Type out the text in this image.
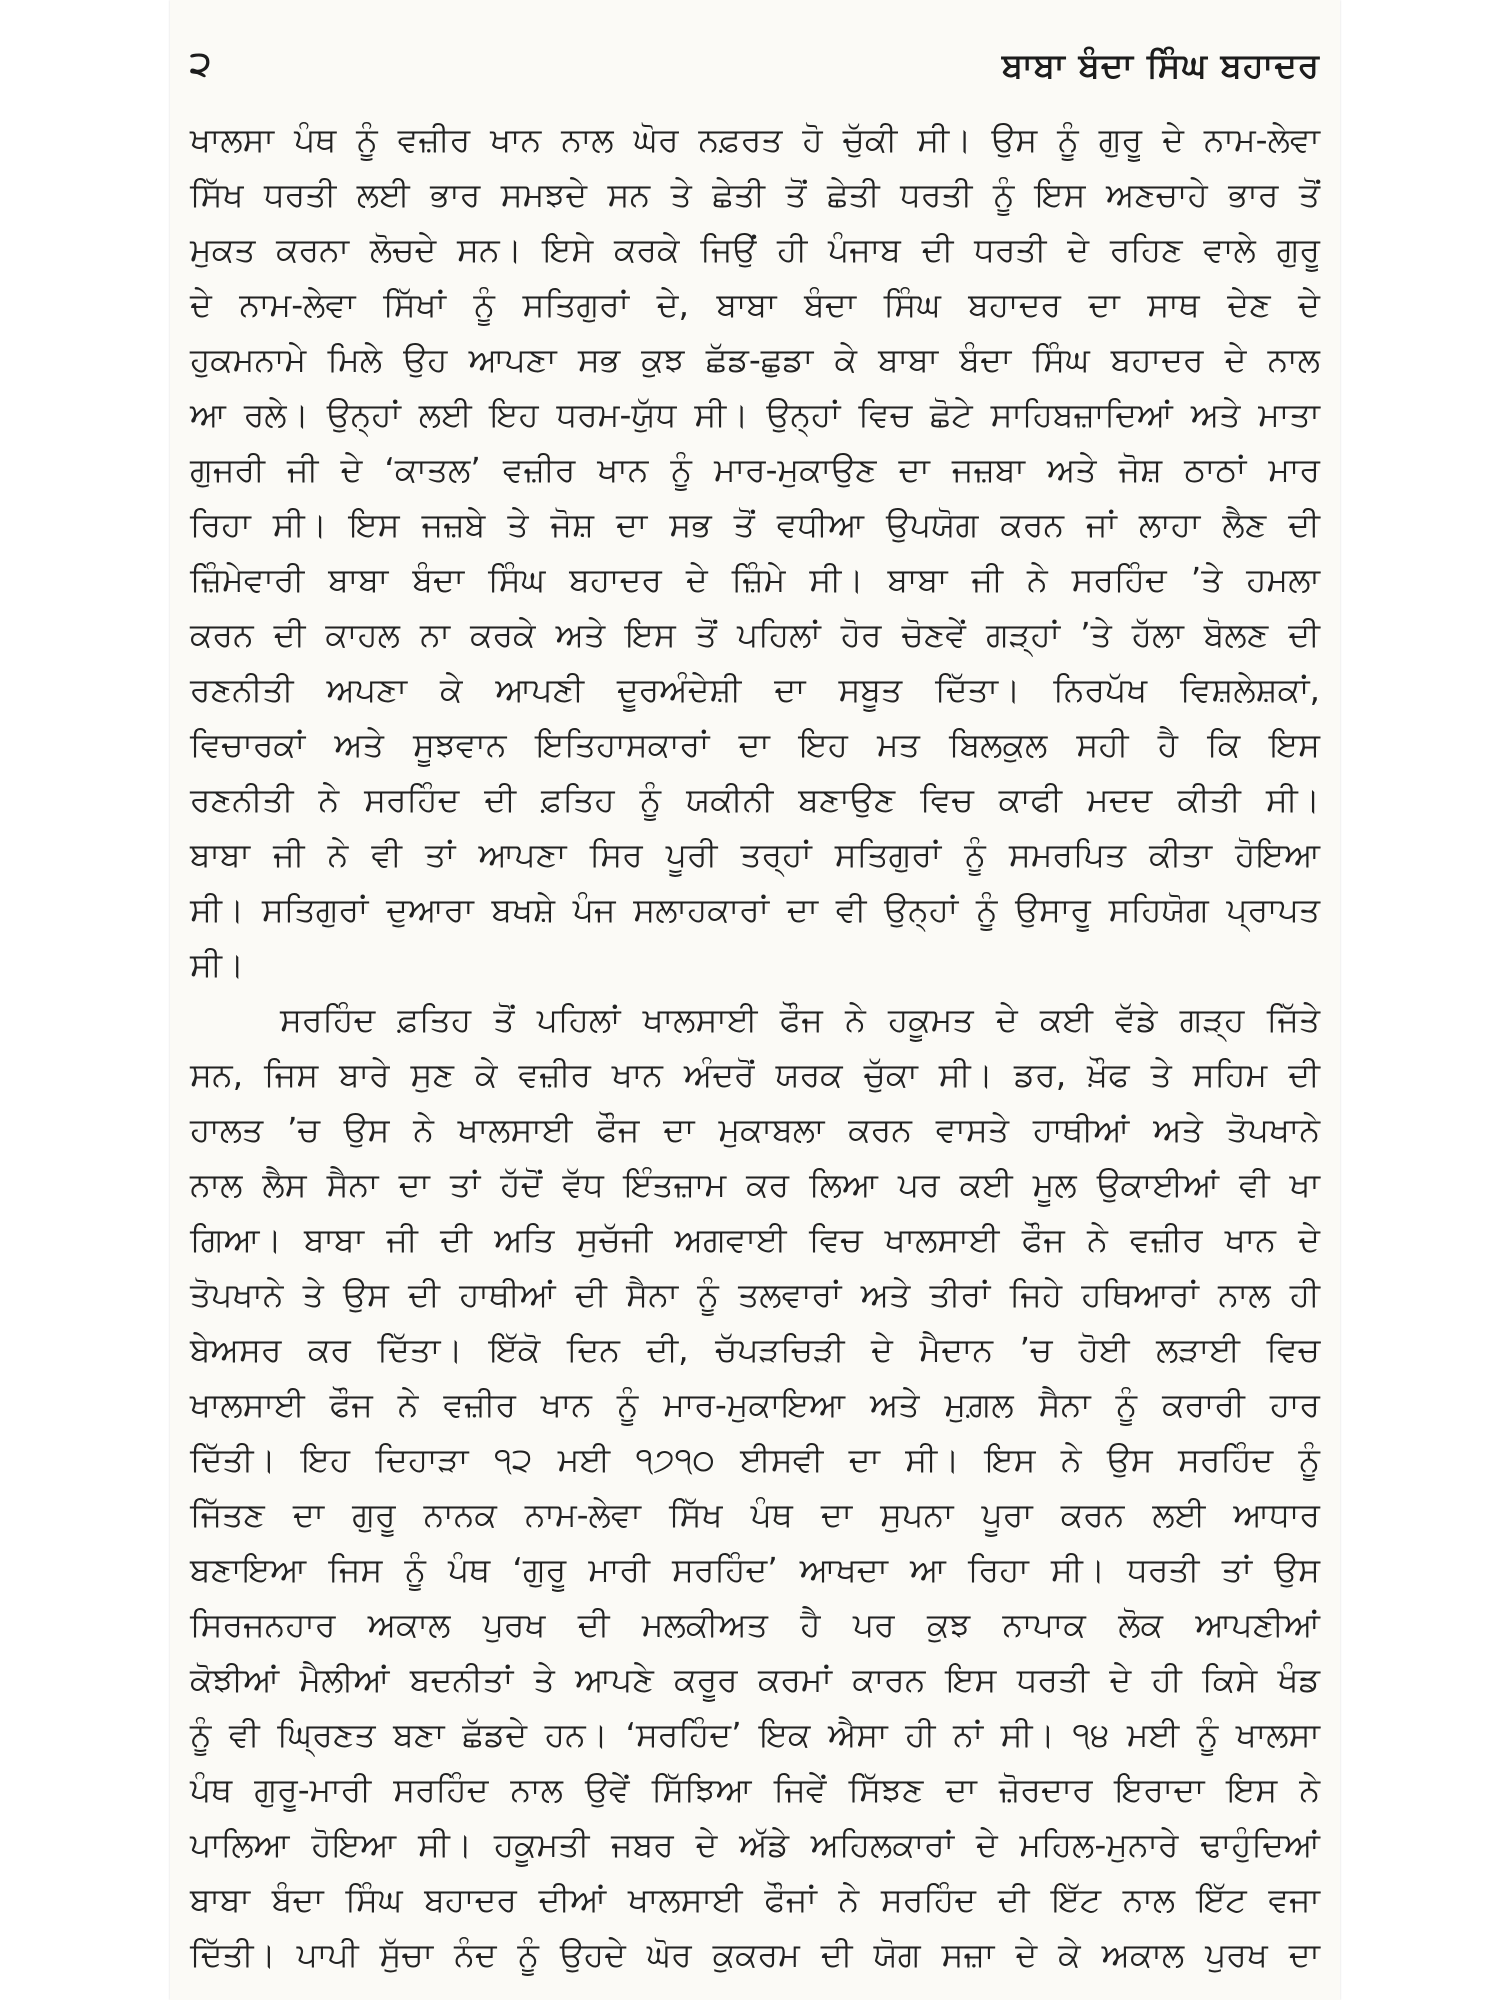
੨	ਬਾਬਾ ਬੰਦਾ ਸਿੰਘ ਬਹਾਦਰ

ਖਾਲਸਾ ਪੰਥ ਨੂੰ ਵਜ਼ੀਰ ਖਾਨ ਨਾਲ ਘੋਰ ਨਫ਼ਰਤ ਹੋ ਚੁੱਕੀ ਸੀ। ਉਸ ਨੂੰ ਗੁਰੂ ਦੇ ਨਾਮ-ਲੇਵਾ
ਸਿੱਖ ਧਰਤੀ ਲਈ ਭਾਰ ਸਮਝਦੇ ਸਨ ਤੇ ਛੇਤੀ ਤੋਂ ਛੇਤੀ ਧਰਤੀ ਨੂੰ ਇਸ ਅਣਚਾਹੇ ਭਾਰ ਤੋਂ
ਮੁਕਤ ਕਰਨਾ ਲੋਚਦੇ ਸਨ। ਇਸੇ ਕਰਕੇ ਜਿਉਂ ਹੀ ਪੰਜਾਬ ਦੀ ਧਰਤੀ ਦੇ ਰਹਿਣ ਵਾਲੇ ਗੁਰੂ
ਦੇ ਨਾਮ-ਲੇਵਾ ਸਿੱਖਾਂ ਨੂੰ ਸਤਿਗੁਰਾਂ ਦੇ, ਬਾਬਾ ਬੰਦਾ ਸਿੰਘ ਬਹਾਦਰ ਦਾ ਸਾਥ ਦੇਣ ਦੇ
ਹੁਕਮਨਾਮੇ ਮਿਲੇ ਉਹ ਆਪਣਾ ਸਭ ਕੁਝ ਛੱਡ-ਛੁਡਾ ਕੇ ਬਾਬਾ ਬੰਦਾ ਸਿੰਘ ਬਹਾਦਰ ਦੇ ਨਾਲ
ਆ ਰਲੇ। ਉਨ੍ਹਾਂ ਲਈ ਇਹ ਧਰਮ-ਯੁੱਧ ਸੀ। ਉਨ੍ਹਾਂ ਵਿਚ ਛੋਟੇ ਸਾਹਿਬਜ਼ਾਦਿਆਂ ਅਤੇ ਮਾਤਾ
ਗੁਜਰੀ ਜੀ ਦੇ ‘ਕਾਤਲ’ ਵਜ਼ੀਰ ਖਾਨ ਨੂੰ ਮਾਰ-ਮੁਕਾਉਣ ਦਾ ਜਜ਼ਬਾ ਅਤੇ ਜੋਸ਼ ਠਾਠਾਂ ਮਾਰ
ਰਿਹਾ ਸੀ। ਇਸ ਜਜ਼ਬੇ ਤੇ ਜੋਸ਼ ਦਾ ਸਭ ਤੋਂ ਵਧੀਆ ਉਪਯੋਗ ਕਰਨ ਜਾਂ ਲਾਹਾ ਲੈਣ ਦੀ
ਜ਼ਿੰਮੇਵਾਰੀ ਬਾਬਾ ਬੰਦਾ ਸਿੰਘ ਬਹਾਦਰ ਦੇ ਜ਼ਿੰਮੇ ਸੀ। ਬਾਬਾ ਜੀ ਨੇ ਸਰਹਿੰਦ ’ਤੇ ਹਮਲਾ
ਕਰਨ ਦੀ ਕਾਹਲ ਨਾ ਕਰਕੇ ਅਤੇ ਇਸ ਤੋਂ ਪਹਿਲਾਂ ਹੋਰ ਚੋਣਵੇਂ ਗੜ੍ਹਾਂ ’ਤੇ ਹੱਲਾ ਬੋਲਣ ਦੀ
ਰਣਨੀਤੀ ਅਪਣਾ ਕੇ ਆਪਣੀ ਦੂਰਅੰਦੇਸ਼ੀ ਦਾ ਸਬੂਤ ਦਿੱਤਾ। ਨਿਰਪੱਖ ਵਿਸ਼ਲੇਸ਼ਕਾਂ,
ਵਿਚਾਰਕਾਂ ਅਤੇ ਸੂਝਵਾਨ ਇਤਿਹਾਸਕਾਰਾਂ ਦਾ ਇਹ ਮਤ ਬਿਲਕੁਲ ਸਹੀ ਹੈ ਕਿ ਇਸ
ਰਣਨੀਤੀ ਨੇ ਸਰਹਿੰਦ ਦੀ ਫ਼ਤਿਹ ਨੂੰ ਯਕੀਨੀ ਬਣਾਉਣ ਵਿਚ ਕਾਫੀ ਮਦਦ ਕੀਤੀ ਸੀ।
ਬਾਬਾ ਜੀ ਨੇ ਵੀ ਤਾਂ ਆਪਣਾ ਸਿਰ ਪੂਰੀ ਤਰ੍ਹਾਂ ਸਤਿਗੁਰਾਂ ਨੂੰ ਸਮਰਪਿਤ ਕੀਤਾ ਹੋਇਆ
ਸੀ। ਸਤਿਗੁਰਾਂ ਦੁਆਰਾ ਬਖਸ਼ੇ ਪੰਜ ਸਲਾਹਕਾਰਾਂ ਦਾ ਵੀ ਉਨ੍ਹਾਂ ਨੂੰ ਉਸਾਰੂ ਸਹਿਯੋਗ ਪ੍ਰਾਪਤ
ਸੀ।

ਸਰਹਿੰਦ ਫ਼ਤਿਹ ਤੋਂ ਪਹਿਲਾਂ ਖਾਲਸਾਈ ਫੌਜ ਨੇ ਹਕੂਮਤ ਦੇ ਕਈ ਵੱਡੇ ਗੜ੍ਹ ਜਿੱਤੇ
ਸਨ, ਜਿਸ ਬਾਰੇ ਸੁਣ ਕੇ ਵਜ਼ੀਰ ਖਾਨ ਅੰਦਰੋਂ ਯਰਕ ਚੁੱਕਾ ਸੀ। ਡਰ, ਖ਼ੌਫ ਤੇ ਸਹਿਮ ਦੀ
ਹਾਲਤ ’ਚ ਉਸ ਨੇ ਖਾਲਸਾਈ ਫੌਜ ਦਾ ਮੁਕਾਬਲਾ ਕਰਨ ਵਾਸਤੇ ਹਾਥੀਆਂ ਅਤੇ ਤੋਪਖਾਨੇ
ਨਾਲ ਲੈਸ ਸੈਨਾ ਦਾ ਤਾਂ ਹੱਦੋਂ ਵੱਧ ਇੰਤਜ਼ਾਮ ਕਰ ਲਿਆ ਪਰ ਕਈ ਮੂਲ ਉਕਾਈਆਂ ਵੀ ਖਾ
ਗਿਆ। ਬਾਬਾ ਜੀ ਦੀ ਅਤਿ ਸੁਚੱਜੀ ਅਗਵਾਈ ਵਿਚ ਖਾਲਸਾਈ ਫੌਜ ਨੇ ਵਜ਼ੀਰ ਖਾਨ ਦੇ
ਤੋਪਖਾਨੇ ਤੇ ਉਸ ਦੀ ਹਾਥੀਆਂ ਦੀ ਸੈਨਾ ਨੂੰ ਤਲਵਾਰਾਂ ਅਤੇ ਤੀਰਾਂ ਜਿਹੇ ਹਥਿਆਰਾਂ ਨਾਲ ਹੀ
ਬੇਅਸਰ ਕਰ ਦਿੱਤਾ। ਇੱਕੋ ਦਿਨ ਦੀ, ਚੱਪੜਚਿੜੀ ਦੇ ਮੈਦਾਨ ’ਚ ਹੋਈ ਲੜਾਈ ਵਿਚ
ਖਾਲਸਾਈ ਫੌਜ ਨੇ ਵਜ਼ੀਰ ਖਾਨ ਨੂੰ ਮਾਰ-ਮੁਕਾਇਆ ਅਤੇ ਮੁਗ਼ਲ ਸੈਨਾ ਨੂੰ ਕਰਾਰੀ ਹਾਰ
ਦਿੱਤੀ। ਇਹ ਦਿਹਾੜਾ ੧੨ ਮਈ ੧੭੧੦ ਈਸਵੀ ਦਾ ਸੀ। ਇਸ ਨੇ ਉਸ ਸਰਹਿੰਦ ਨੂੰ
ਜਿੱਤਣ ਦਾ ਗੁਰੂ ਨਾਨਕ ਨਾਮ-ਲੇਵਾ ਸਿੱਖ ਪੰਥ ਦਾ ਸੁਪਨਾ ਪੂਰਾ ਕਰਨ ਲਈ ਆਧਾਰ
ਬਣਾਇਆ ਜਿਸ ਨੂੰ ਪੰਥ ‘ਗੁਰੂ ਮਾਰੀ ਸਰਹਿੰਦ’ ਆਖਦਾ ਆ ਰਿਹਾ ਸੀ। ਧਰਤੀ ਤਾਂ ਉਸ
ਸਿਰਜਨਹਾਰ ਅਕਾਲ ਪੁਰਖ ਦੀ ਮਲਕੀਅਤ ਹੈ ਪਰ ਕੁਝ ਨਾਪਾਕ ਲੋਕ ਆਪਣੀਆਂ
ਕੋਝੀਆਂ ਮੈਲੀਆਂ ਬਦਨੀਤਾਂ ਤੇ ਆਪਣੇ ਕਰੂਰ ਕਰਮਾਂ ਕਾਰਨ ਇਸ ਧਰਤੀ ਦੇ ਹੀ ਕਿਸੇ ਖੰਡ
ਨੂੰ ਵੀ ਘ੍ਰਿਣਤ ਬਣਾ ਛੱਡਦੇ ਹਨ। ‘ਸਰਹਿੰਦ’ ਇਕ ਐਸਾ ਹੀ ਨਾਂ ਸੀ। ੧੪ ਮਈ ਨੂੰ ਖਾਲਸਾ
ਪੰਥ ਗੁਰੂ-ਮਾਰੀ ਸਰਹਿੰਦ ਨਾਲ ਉਵੇਂ ਸਿੱਝਿਆ ਜਿਵੇਂ ਸਿੱਝਣ ਦਾ ਜ਼ੋਰਦਾਰ ਇਰਾਦਾ ਇਸ ਨੇ
ਪਾਲਿਆ ਹੋਇਆ ਸੀ। ਹਕੂਮਤੀ ਜਬਰ ਦੇ ਅੱਡੇ ਅਹਿਲਕਾਰਾਂ ਦੇ ਮਹਿਲ-ਮੁਨਾਰੇ ਢਾਹੁੰਦਿਆਂ
ਬਾਬਾ ਬੰਦਾ ਸਿੰਘ ਬਹਾਦਰ ਦੀਆਂ ਖਾਲਸਾਈ ਫੌਜਾਂ ਨੇ ਸਰਹਿੰਦ ਦੀ ਇੱਟ ਨਾਲ ਇੱਟ ਵਜਾ
ਦਿੱਤੀ। ਪਾਪੀ ਸੁੱਚਾ ਨੰਦ ਨੂੰ ਉਹਦੇ ਘੋਰ ਕੁਕਰਮ ਦੀ ਯੋਗ ਸਜ਼ਾ ਦੇ ਕੇ ਅਕਾਲ ਪੁਰਖ ਦਾ
